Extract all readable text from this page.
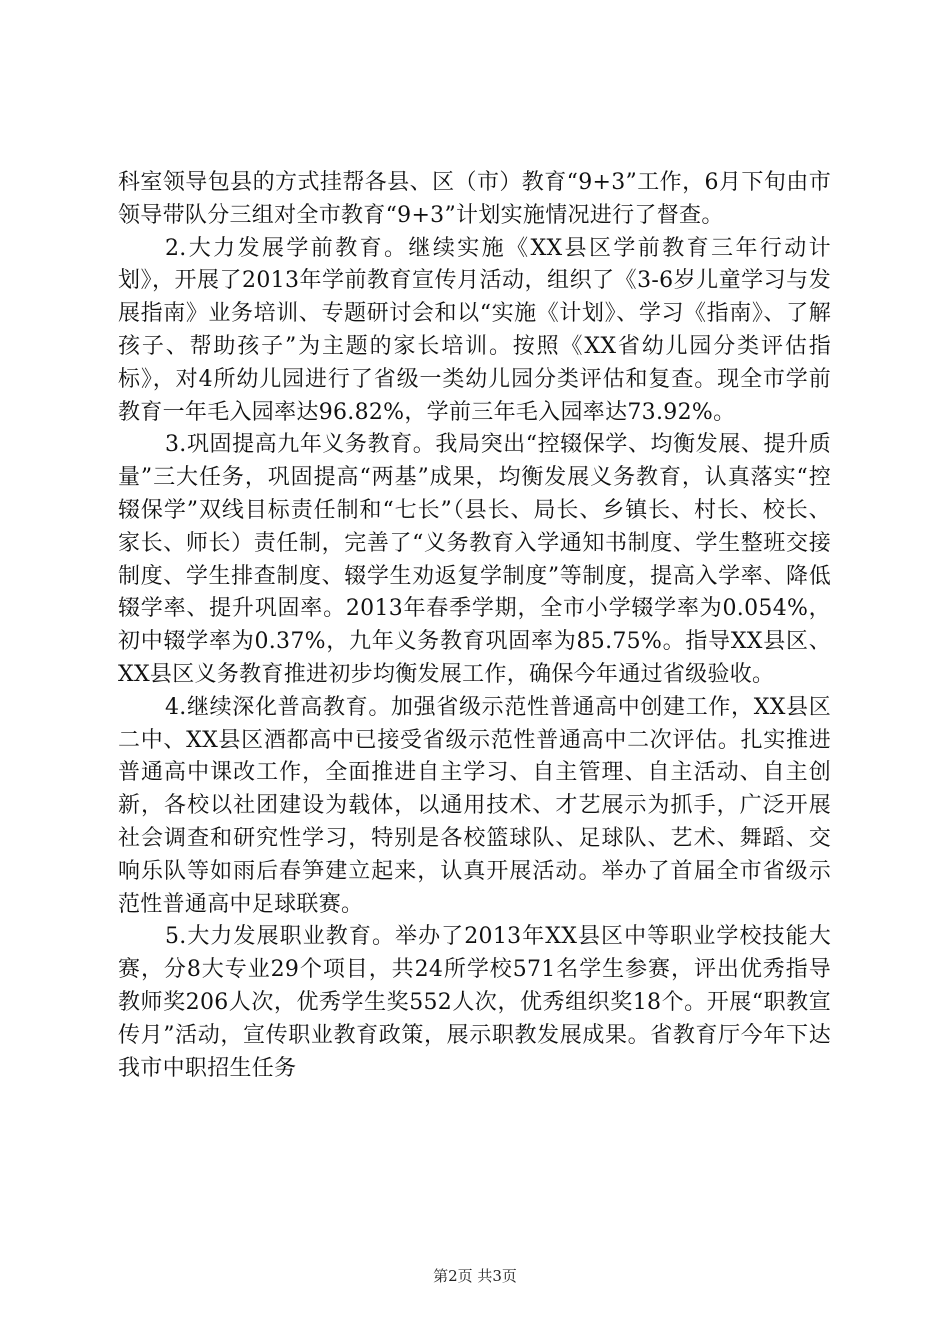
科室领导包县的方式挂帮各县、区（市）教育“9+3”工作，6月下旬由市领导带队分三组对全市教育“9+3”计划实施情况进行了督查。

2.大力发展学前教育。继续实施《XX县区学前教育三年行动计划》，开展了2013年学前教育宣传月活动，组织了《3-6岁儿童学习与发展指南》业务培训、专题研讨会和以“实施《计划》、学习《指南》、了解孩子、帮助孩子”为主题的家长培训。按照《XX省幼儿园分类评估指标》，对4所幼儿园进行了省级一类幼儿园分类评估和复查。现全市学前教育一年毛入园率达96.82%，学前三年毛入园率达73.92%。

3.巩固提高九年义务教育。我局突出“控辍保学、均衡发展、提升质量”三大任务，巩固提高“两基”成果，均衡发展义务教育，认真落实“控辍保学”双线目标责任制和“七长”（县长、局长、乡镇长、村长、校长、家长、师长）责任制，完善了“义务教育入学通知书制度、学生整班交接制度、学生排查制度、辍学生劝返复学制度”等制度，提高入学率、降低辍学率、提升巩固率。2013年春季学期，全市小学辍学率为0.054%，初中辍学率为0.37%，九年义务教育巩固率为85.75%。指导XX县区、XX县区义务教育推进初步均衡发展工作，确保今年通过省级验收。

4.继续深化普高教育。加强省级示范性普通高中创建工作，XX县区二中、XX县区酒都高中已接受省级示范性普通高中二次评估。扎实推进普通高中课改工作，全面推进自主学习、自主管理、自主活动、自主创新，各校以社团建设为载体，以通用技术、才艺展示为抓手，广泛开展社会调查和研究性学习，特别是各校篮球队、足球队、艺术、舞蹈、交响乐队等如雨后春笋建立起来，认真开展活动。举办了首届全市省级示范性普通高中足球联赛。

5.大力发展职业教育。举办了2013年XX县区中等职业学校技能大赛，分8大专业29个项目，共24所学校571名学生参赛，评出优秀指导教师奖206人次，优秀学生奖552人次，优秀组织奖18个。开展“职教宣传月”活动，宣传职业教育政策，展示职教发展成果。省教育厅今年下达我市中职招生任务

第2页 共3页
